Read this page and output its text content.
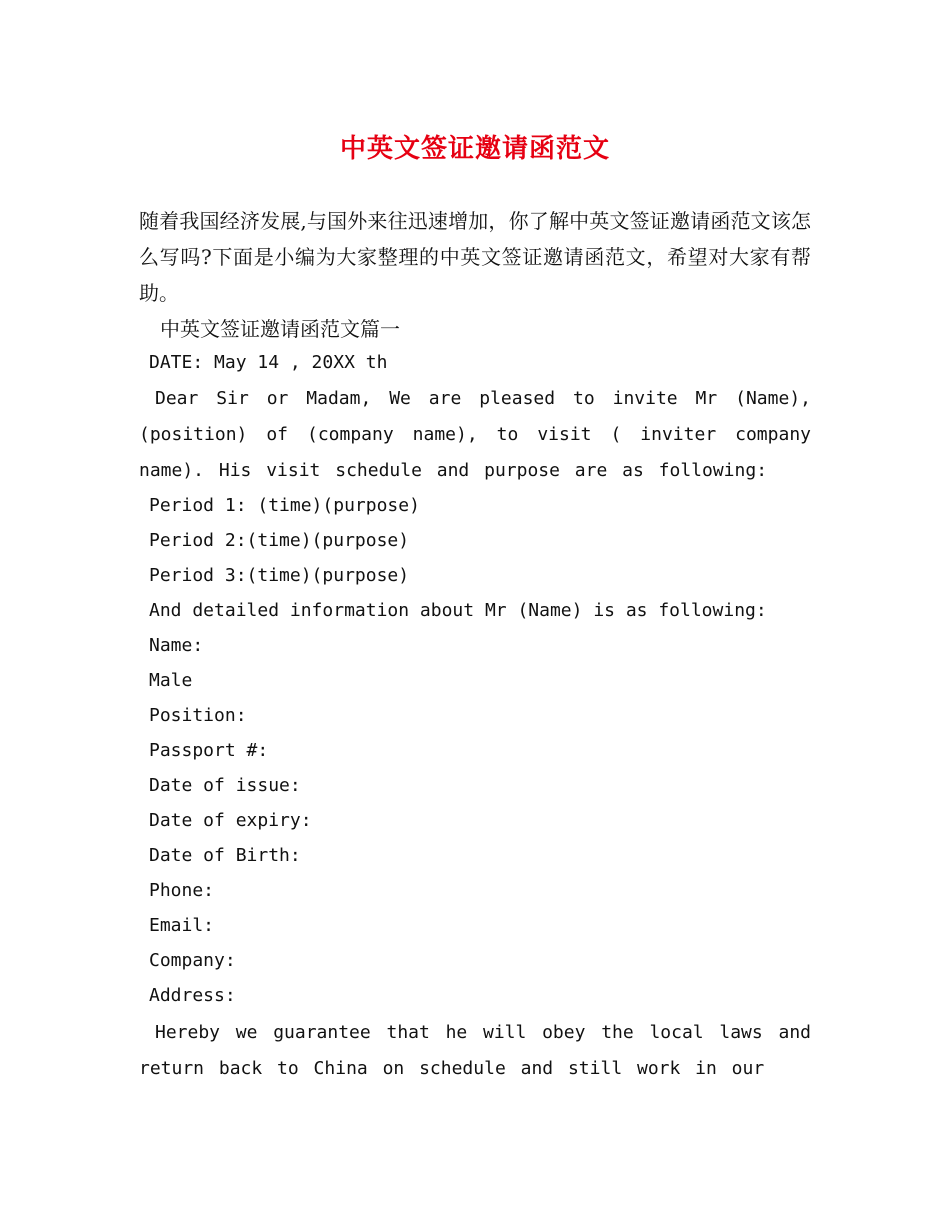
中英文签证邀请函范文

随着我国经济发展,与国外来往迅速增加，你了解中英文签证邀请函范文该怎么写吗?下面是小编为大家整理的中英文签证邀请函范文，希望对大家有帮助。

中英文签证邀请函范文篇一

DATE: May 14 , 20XX th

Dear Sir or Madam, We are pleased to invite Mr (Name), (position) of (company name), to visit ( inviter company name). His visit schedule and purpose are as following:

Period 1: (time)(purpose)

Period 2:(time)(purpose)

Period 3:(time)(purpose)

And detailed information about Mr (Name) is as following:

Name:

Male

Position:

Passport #:

Date of issue:

Date of expiry:

Date of Birth:

Phone:

Email:

Company:

Address:

Hereby we guarantee that he will obey the local laws and return back to China on schedule and still work in our
